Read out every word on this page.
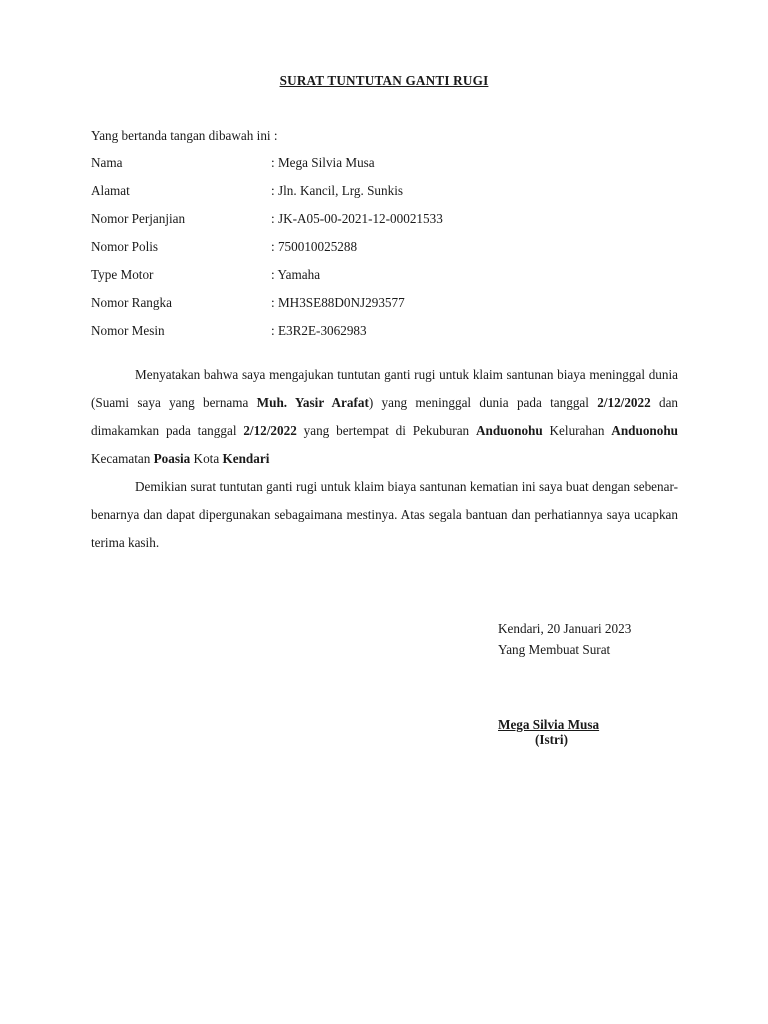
SURAT TUNTUTAN GANTI RUGI
Yang bertanda tangan dibawah ini :
Nama	: Mega Silvia Musa
Alamat	: Jln. Kancil, Lrg. Sunkis
Nomor Perjanjian	: JK-A05-00-2021-12-00021533
Nomor Polis	: 750010025288
Type Motor	: Yamaha
Nomor Rangka	: MH3SE88D0NJ293577
Nomor Mesin	: E3R2E-3062983
Menyatakan bahwa saya mengajukan tuntutan ganti rugi untuk klaim santunan biaya meninggal dunia (Suami saya yang bernama Muh. Yasir Arafat) yang meninggal dunia pada tanggal 2/12/2022 dan dimakamkan pada tanggal 2/12/2022 yang bertempat di Pekuburan Anduonohu Kelurahan Anduonohu Kecamatan Poasia Kota Kendari
Demikian surat tuntutan ganti rugi untuk klaim biaya santunan kematian ini saya buat dengan sebenar-benarnya dan dapat dipergunakan sebagaimana mestinya. Atas segala bantuan dan perhatiannya saya ucapkan terima kasih.
Kendari, 20 Januari 2023
Yang Membuat Surat
Mega Silvia Musa
(Istri)
